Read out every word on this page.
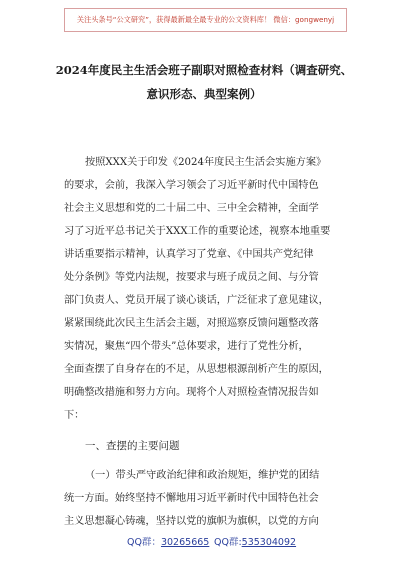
关注头条号“公文研究”，获得最新最全最专业的公文资料库！ 微信：gongwenyj
2024年度民主生活会班子副职对照检查材料（调查研究、
意识形态、典型案例）
按照XXX关于印发《2024年度民主生活会实施方案》
的要求，会前，我深入学习领会了习近平新时代中国特色
社会主义思想和党的二十届二中、三中全会精神，全面学
习了习近平总书记关于XXX工作的重要论述，视察本地重要
讲话重要指示精神，认真学习了党章、《中国共产党纪律
处分条例》等党内法规，按要求与班子成员之间、与分管
部门负责人、党员开展了谈心谈话，广泛征求了意见建议，
紧紧围绕此次民主生活会主题，对照巡察反馈问题整改落
实情况，聚焦“四个带头”总体要求，进行了党性分析，
全面查摆了自身存在的不足，从思想根源剖析产生的原因，
明确整改措施和努力方向。现将个人对照检查情况报告如
下：
一、查摆的主要问题
（一）带头严守政治纪律和政治规矩，维护党的团结
统一方面。始终坚持不懈地用习近平新时代中国特色社会
主义思想凝心铸魂，坚持以党的旗帜为旗帜，以党的方向
QQ群：30265665 QQ群:535304092
